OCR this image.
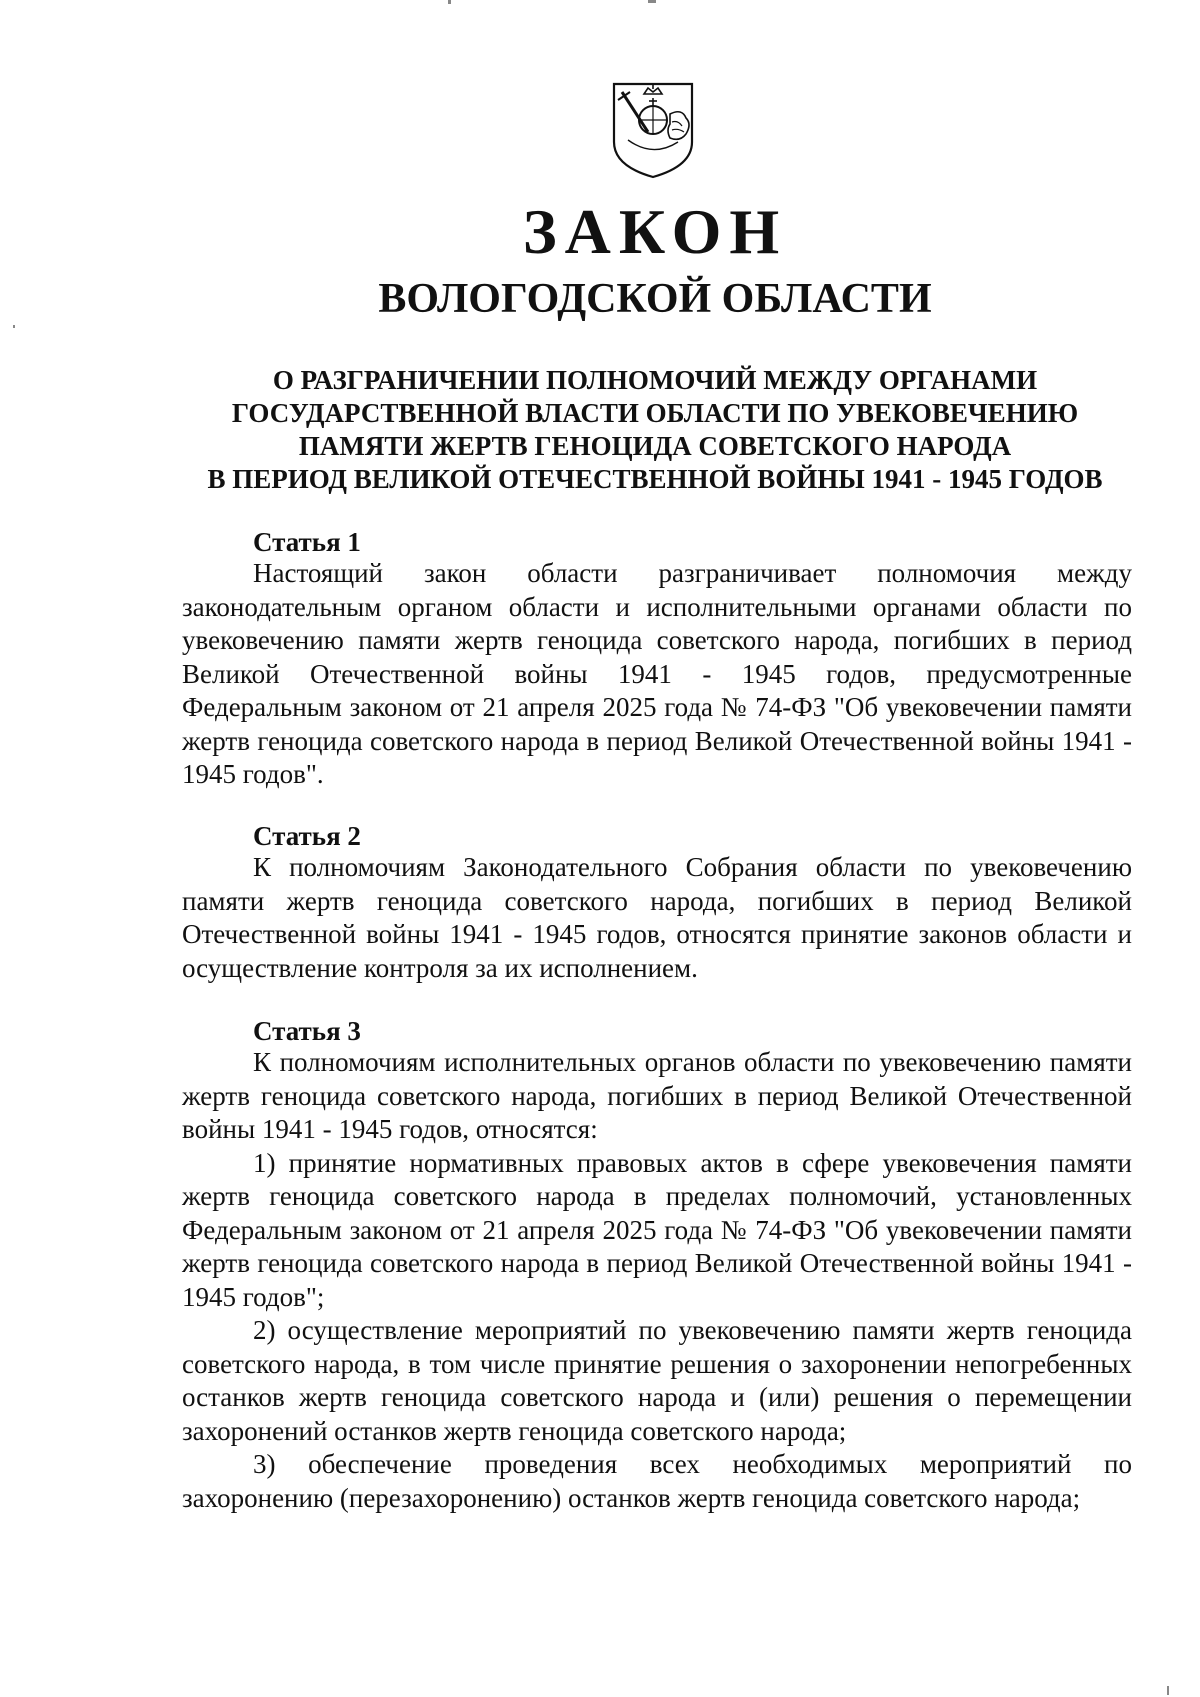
ЗАКОН
ВОЛОГОДСКОЙ ОБЛАСТИ
О РАЗГРАНИЧЕНИИ ПОЛНОМОЧИЙ МЕЖДУ ОРГАНАМИ
ГОСУДАРСТВЕННОЙ ВЛАСТИ ОБЛАСТИ ПО УВЕКОВЕЧЕНИЮ
ПАМЯТИ ЖЕРТВ ГЕНОЦИДА СОВЕТСКОГО НАРОДА
В ПЕРИОД ВЕЛИКОЙ ОТЕЧЕСТВЕННОЙ ВОЙНЫ 1941 - 1945 ГОДОВ
Статья 1

Настоящий закон области разграничивает полномочия между законодательным органом области и исполнительными органами области по увековечению памяти жертв геноцида советского народа, погибших в период Великой Отечественной войны 1941 - 1945 годов, предусмотренные Федеральным законом от 21 апреля 2025 года № 74-ФЗ "Об увековечении памяти жертв геноцида советского народа в период Великой Отечественной войны 1941 - 1945 годов".

Статья 2

К полномочиям Законодательного Собрания области по увековечению памяти жертв геноцида советского народа, погибших в период Великой Отечественной войны 1941 - 1945 годов, относятся принятие законов области и осуществление контроля за их исполнением.

Статья 3

К полномочиям исполнительных органов области по увековечению памяти жертв геноцида советского народа, погибших в период Великой Отечественной войны 1941 - 1945 годов, относятся:

1) принятие нормативных правовых актов в сфере увековечения памяти жертв геноцида советского народа в пределах полномочий, установленных Федеральным законом от 21 апреля 2025 года № 74-ФЗ "Об увековечении памяти жертв геноцида советского народа в период Великой Отечественной войны 1941 - 1945 годов";

2) осуществление мероприятий по увековечению памяти жертв геноцида советского народа, в том числе принятие решения о захоронении непогребенных останков жертв геноцида советского народа и (или) решения о перемещении захоронений останков жертв геноцида советского народа;

3) обеспечение проведения всех необходимых мероприятий по захоронению (перезахоронению) останков жертв геноцида советского народа;
